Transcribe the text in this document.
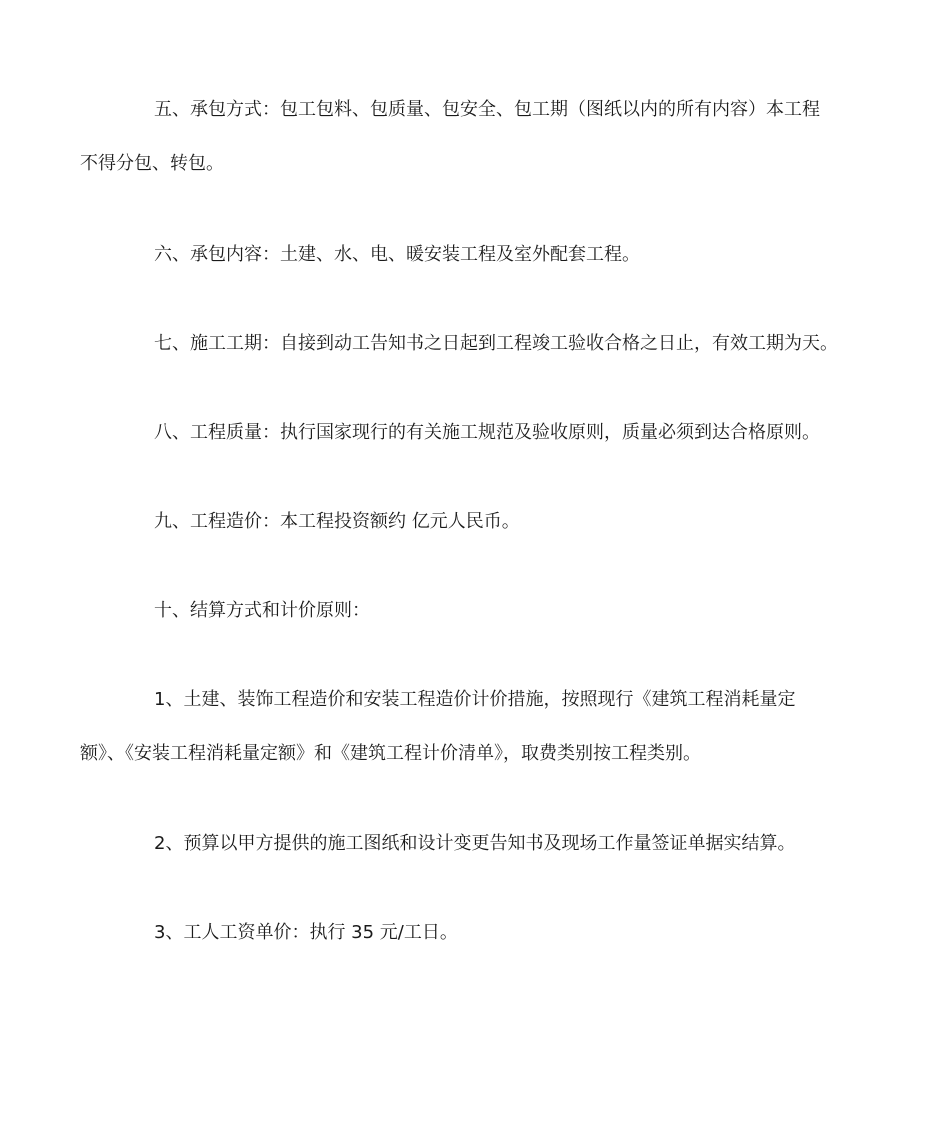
五、承包方式：包工包料、包质量、包安全、包工期（图纸以内的所有内容）本工程
不得分包、转包。

六、承包内容：土建、水、电、暖安装工程及室外配套工程。

七、施工工期：自接到动工告知书之日起到工程竣工验收合格之日止，有效工期为天。

八、工程质量：执行国家现行的有关施工规范及验收原则，质量必须到达合格原则。

九、工程造价：本工程投资额约 亿元人民币。

十、结算方式和计价原则：

1、土建、装饰工程造价和安装工程造价计价措施，按照现行《建筑工程消耗量定
额》、《安装工程消耗量定额》和《建筑工程计价清单》，取费类别按工程类别。

2、预算以甲方提供的施工图纸和设计变更告知书及现场工作量签证单据实结算。

3、工人工资单价：执行 35 元/工日。
